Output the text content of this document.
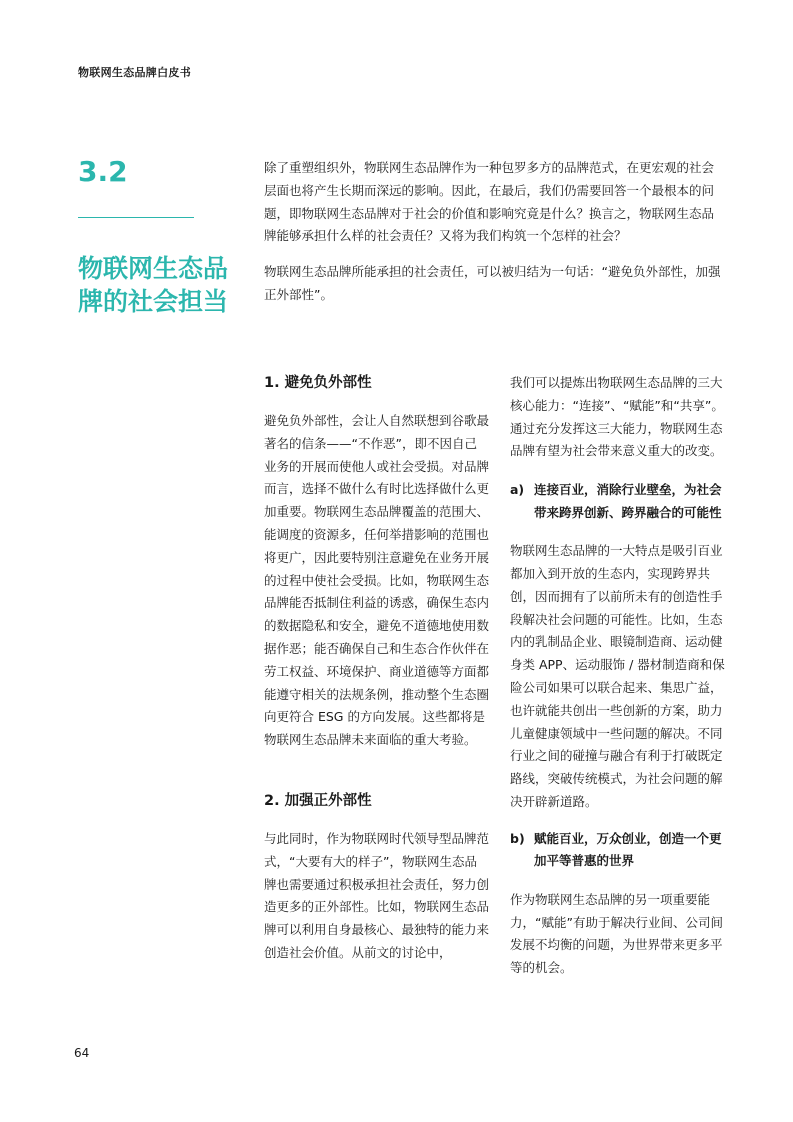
物联网生态品牌白皮书
3.2
物联网生态品牌的社会担当

除了重塑组织外，物联网生态品牌作为一种包罗多方的品牌范式，在更宏观的社会层面也将产生长期而深远的影响。因此，在最后，我们仍需要回答一个最根本的问题，即物联网生态品牌对于社会的价值和影响究竟是什么？换言之，物联网生态品牌能够承担什么样的社会责任？又将为我们构筑一个怎样的社会？

物联网生态品牌所能承担的社会责任，可以被归结为一句话：“避免负外部性，加强正外部性”。

1. 避免负外部性

避免负外部性，会让人自然联想到谷歌最著名的信条——“不作恶”，即不因自己业务的开展而使他人或社会受损。对品牌而言，选择不做什么有时比选择做什么更加重要。物联网生态品牌覆盖的范围大、能调度的资源多，任何举措影响的范围也将更广，因此要特别注意避免在业务开展的过程中使社会受损。比如，物联网生态品牌能否抵制住利益的诱惑，确保生态内的数据隐私和安全，避免不道德地使用数据作恶；能否确保自己和生态合作伙伴在劳工权益、环境保护、商业道德等方面都能遵守相关的法规条例，推动整个生态圈向更符合 ESG 的方向发展。这些都将是物联网生态品牌未来面临的重大考验。

2. 加强正外部性

与此同时，作为物联网时代领导型品牌范式，“大要有大的样子”，物联网生态品牌也需要通过积极承担社会责任，努力创造更多的正外部性。比如，物联网生态品牌可以利用自身最核心、最独特的能力来创造社会价值。从前文的讨论中，

我们可以提炼出物联网生态品牌的三大核心能力：“连接”、“赋能”和“共享”。通过充分发挥这三大能力，物联网生态品牌有望为社会带来意义重大的改变。

a) 连接百业，消除行业壁垒，为社会带来跨界创新、跨界融合的可能性

物联网生态品牌的一大特点是吸引百业都加入到开放的生态内，实现跨界共创，因而拥有了以前所未有的创造性手段解决社会问题的可能性。比如，生态内的乳制品企业、眼镜制造商、运动健身类 APP、运动服饰 / 器材制造商和保险公司如果可以联合起来、集思广益，也许就能共创出一些创新的方案，助力儿童健康领域中一些问题的解决。不同行业之间的碰撞与融合有利于打破既定路线，突破传统模式，为社会问题的解决开辟新道路。

b) 赋能百业，万众创业，创造一个更加平等普惠的世界

作为物联网生态品牌的另一项重要能力，“赋能”有助于解决行业间、公司间发展不均衡的问题，为世界带来更多平等的机会。

64
